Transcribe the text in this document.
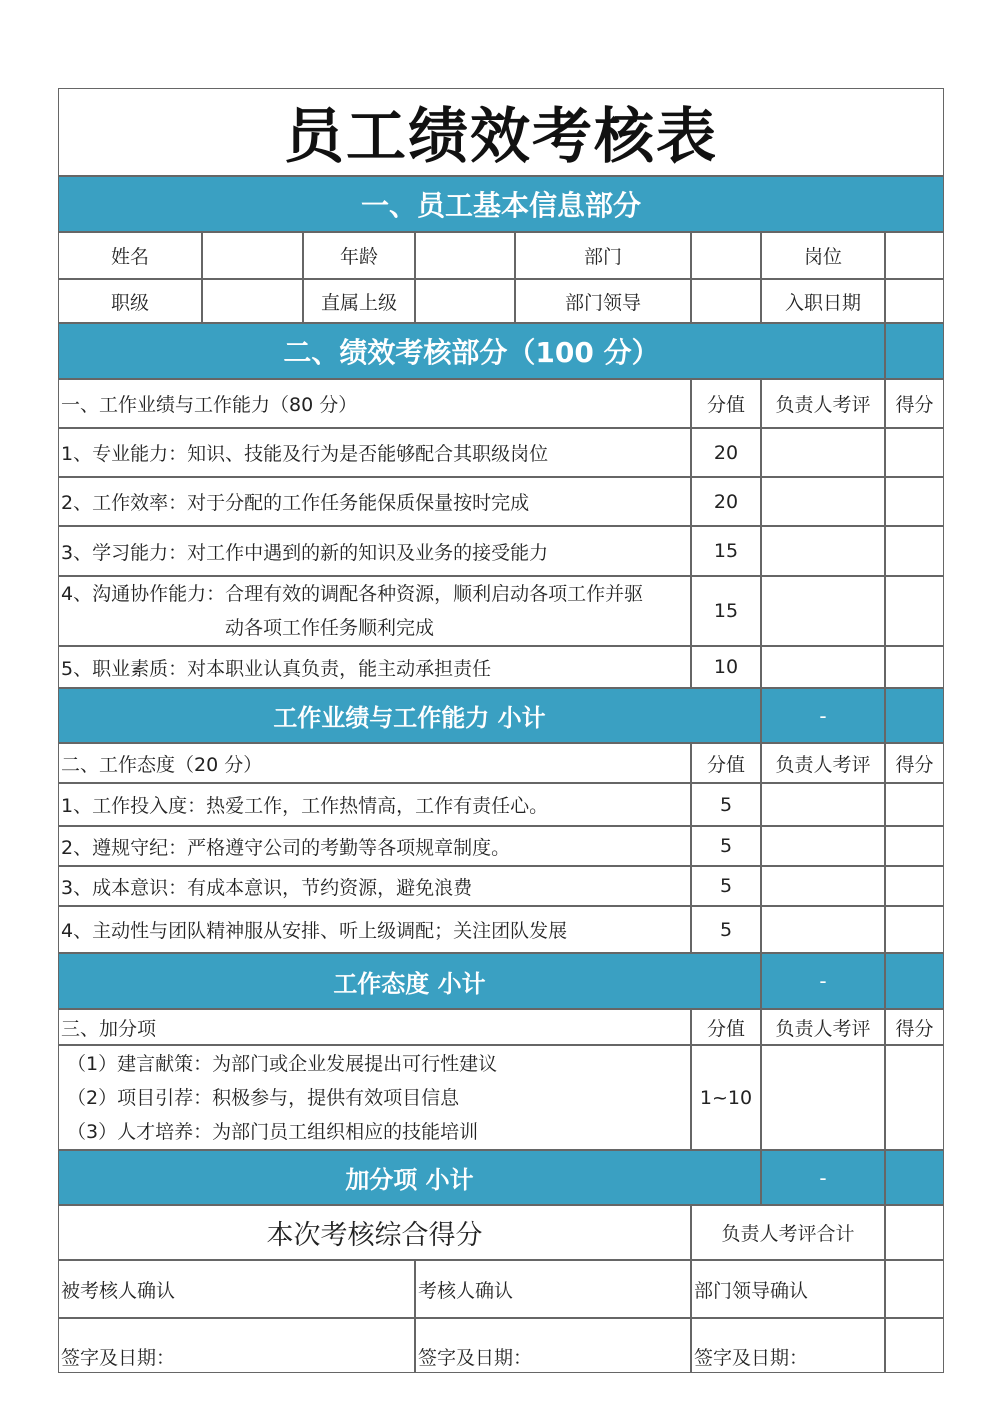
员工绩效考核表
一、员工基本信息部分
姓名	年龄	部门	岗位
职级	直属上级	部门领导	入职日期
二、绩效考核部分（100 分）
一、工作业绩与工作能力（80 分）	分值	负责人考评	得分
1、专业能力：知识、技能及行为是否能够配合其职级岗位	20
2、工作效率：对于分配的工作任务能保质保量按时完成	20
3、学习能力：对工作中遇到的新的知识及业务的接受能力	15
4、沟通协作能力：合理有效的调配各种资源，顺利启动各项工作并驱
动各项工作任务顺利完成
15
5、职业素质：对本职业认真负责，能主动承担责任	10
工作业绩与工作能力 小计	-
二、工作态度（20 分）	分值	负责人考评	得分
1、工作投入度：热爱工作，工作热情高，工作有责任心。	5
2、遵规守纪：严格遵守公司的考勤等各项规章制度。	5
3、成本意识：有成本意识，节约资源，避免浪费	5
4、主动性与团队精神服从安排、听上级调配；关注团队发展	5
工作态度 小计	-
三、加分项	分值	负责人考评	得分
（1）建言献策：为部门或企业发展提出可行性建议
（2）项目引荐：积极参与，提供有效项目信息
（3）人才培养：为部门员工组织相应的技能培训
1~10
加分项 小计	-
本次考核综合得分	负责人考评合计
被考核人确认	考核人确认	部门领导确认
签字及日期：	签字及日期：	签字及日期：
